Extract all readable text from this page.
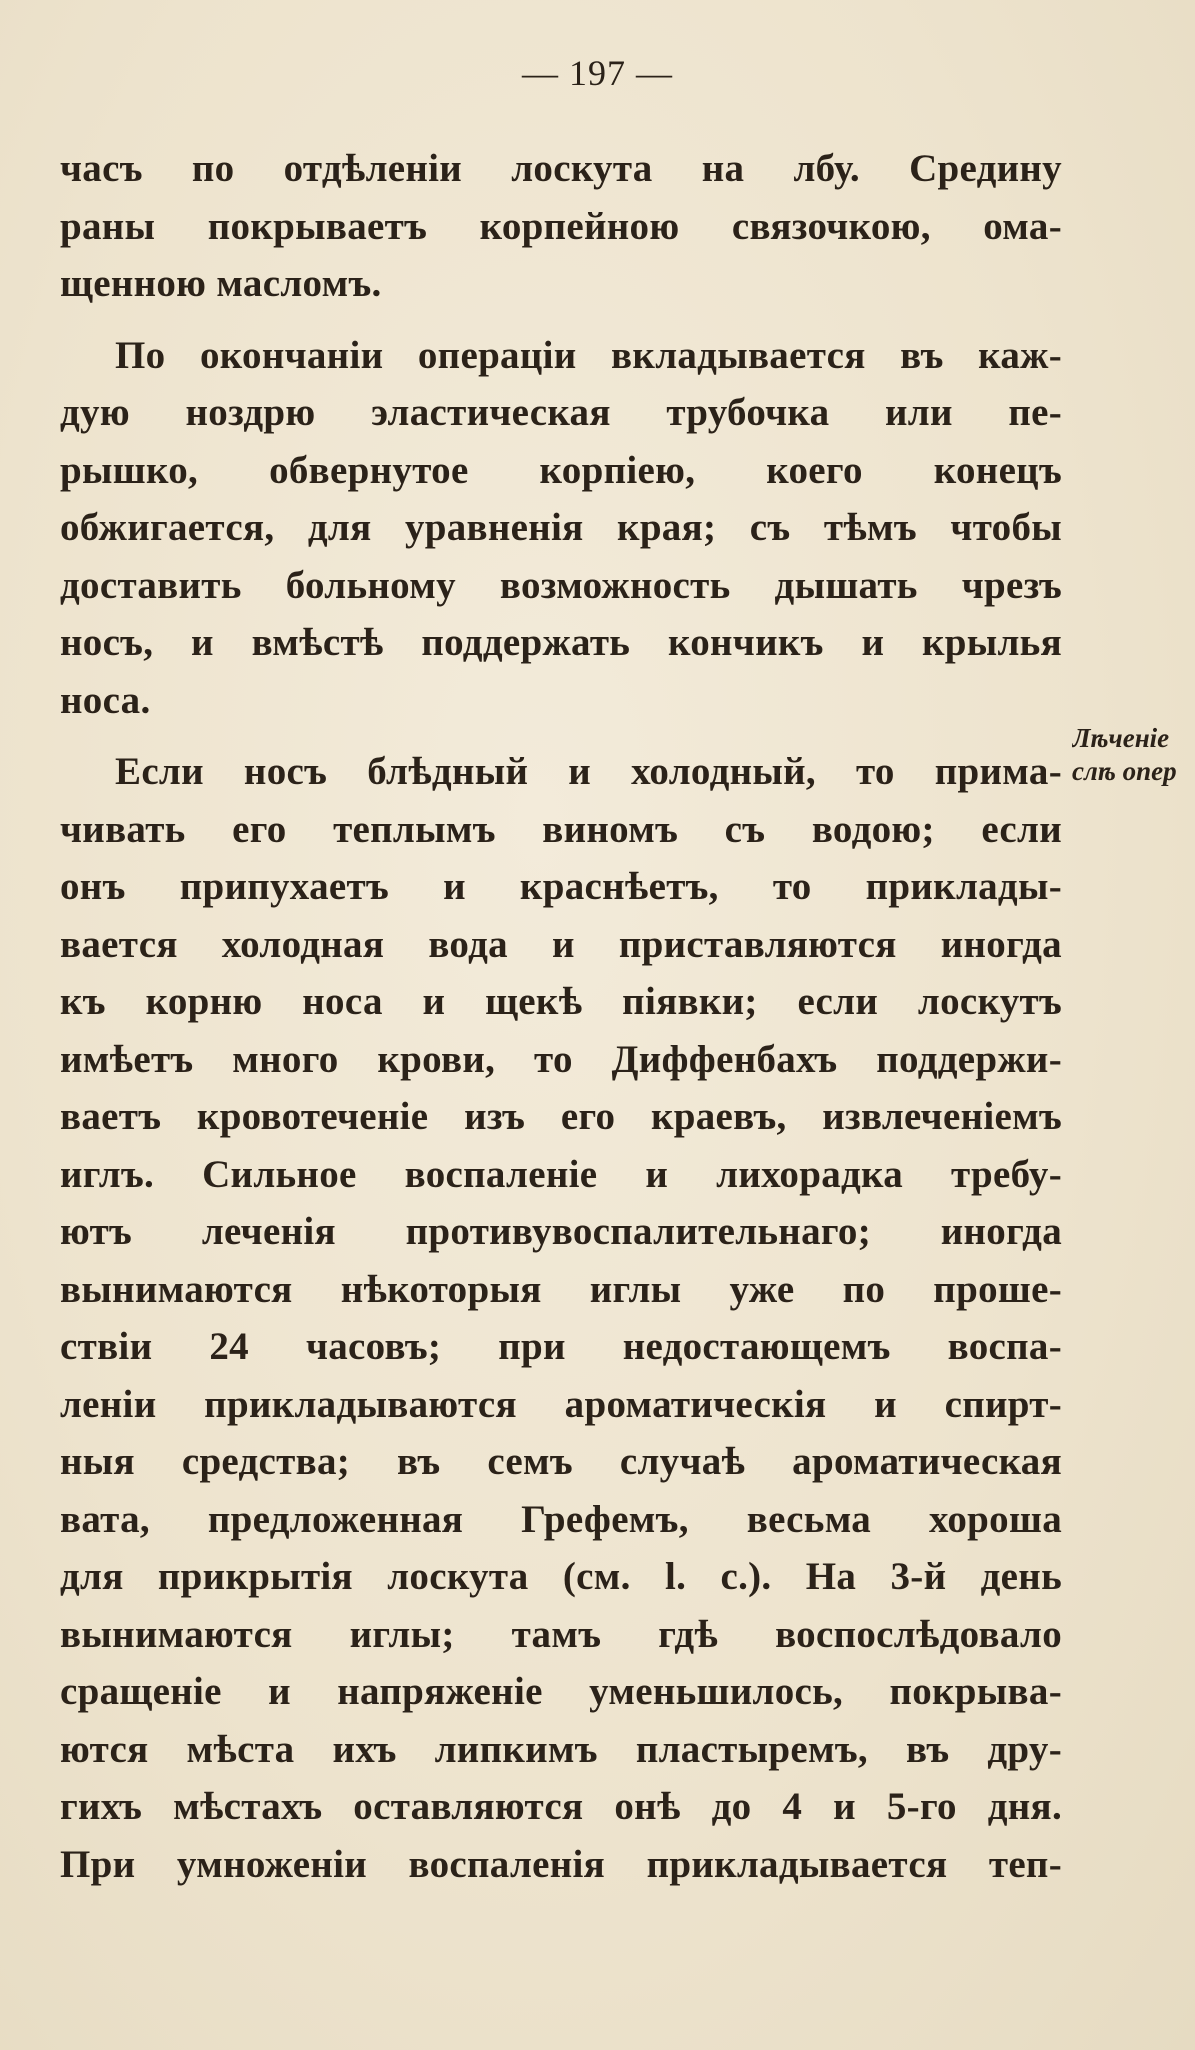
— 197 —
часъ по отдѣленіи лоскута на лбу. Средину
раны покрываетъ корпейною связочкою, ома-
щенною масломъ.
По окончаніи операціи вкладывается въ каж-
дую ноздрю эластическая трубочка или пе-
рышко, обвернутое корпіею, коего конецъ
обжигается, для уравненія края; съ тѣмъ чтобы
доставить больному возможность дышать чрезъ
носъ, и вмѣстѣ поддержать кончикъ и крылья
носа.
Если носъ блѣдный и холодный, то прима-
чивать его теплымъ виномъ съ водою; если
онъ припухаетъ и краснѣетъ, то приклады-
вается холодная вода и приставляются иногда
къ корню носа и щекѣ піявки; если лоскутъ
имѣетъ много крови, то Диффенбахъ поддержи-
ваетъ кровотеченіе изъ его краевъ, извлеченіемъ
иглъ. Сильное воспаленіе и лихорадка требу-
ютъ леченія противувоспалительнаго; иногда
вынимаются нѣкоторыя иглы уже по проше-
ствіи 24 часовъ; при недостающемъ воспа-
леніи прикладываются ароматическія и спирт-
ныя средства; въ семъ случаѣ ароматическая
вата, предложенная Грефемъ, весьма хороша
для прикрытія лоскута (см. l. c.). На 3-й день
вынимаются иглы; тамъ гдѣ воспослѣдовало
сращеніе и напряженіе уменьшилось, покрыва-
ются мѣста ихъ липкимъ пластыремъ, въ дру-
гихъ мѣстахъ оставляются онѣ до 4 и 5-го дня.
При умноженіи воспаленія прикладывается теп-
Лѣченіе
слѣ опер
